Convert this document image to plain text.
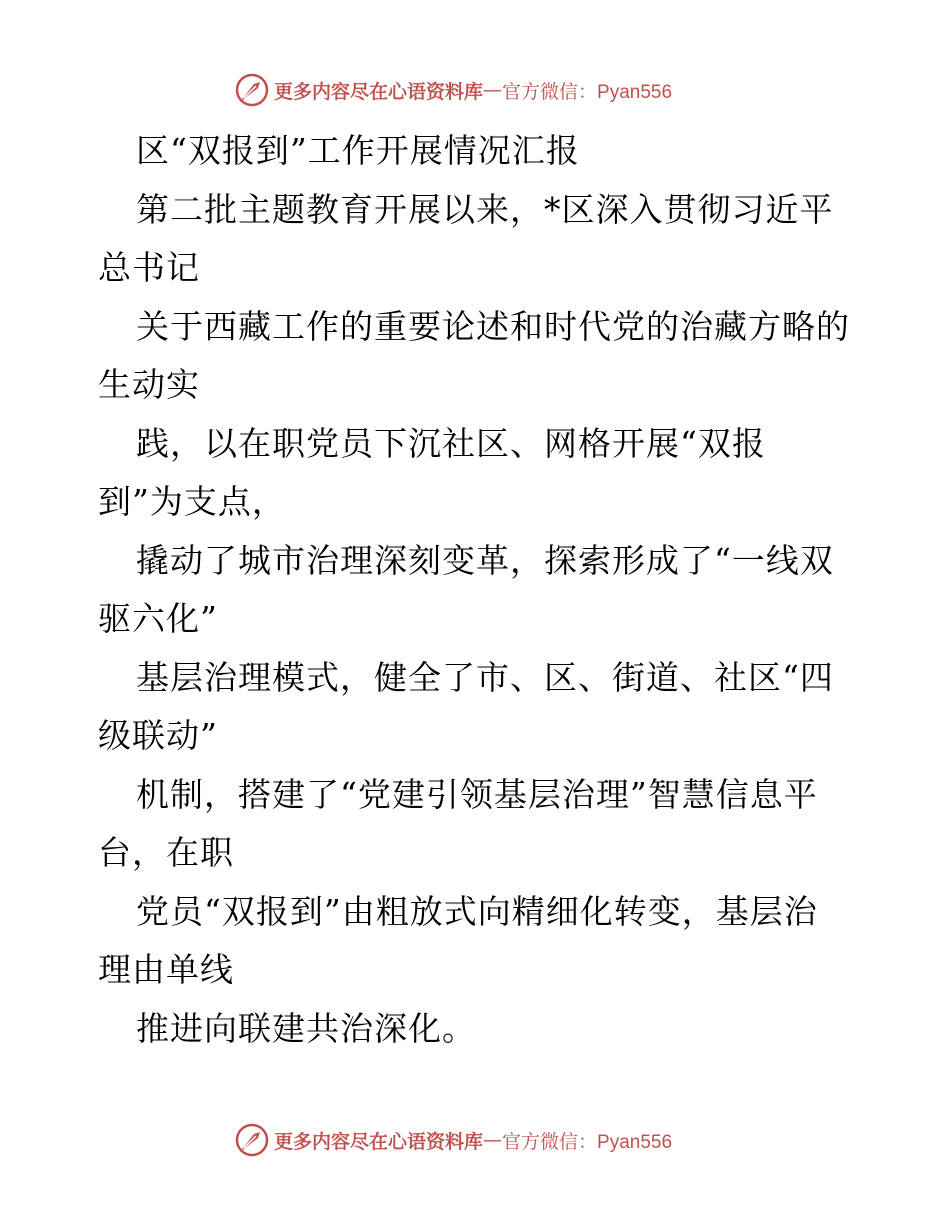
更多内容尽在心语资料库 — 官方微信：Pyan556
区“双报到”工作开展情况汇报
第二批主题教育开展以来，*区深入贯彻习近平
总书记
关于西藏工作的重要论述和时代党的治藏方略的
生动实
践，以在职党员下沉社区、网格开展“双报
到”为支点，
撬动了城市治理深刻变革，探索形成了“一线双
驱六化”
基层治理模式，健全了市、区、街道、社区“四
级联动”
机制，搭建了“党建引领基层治理”智慧信息平
台，在职
党员“双报到”由粗放式向精细化转变，基层治
理由单线
推进向联建共治深化。
更多内容尽在心语资料库 — 官方微信：Pyan556
